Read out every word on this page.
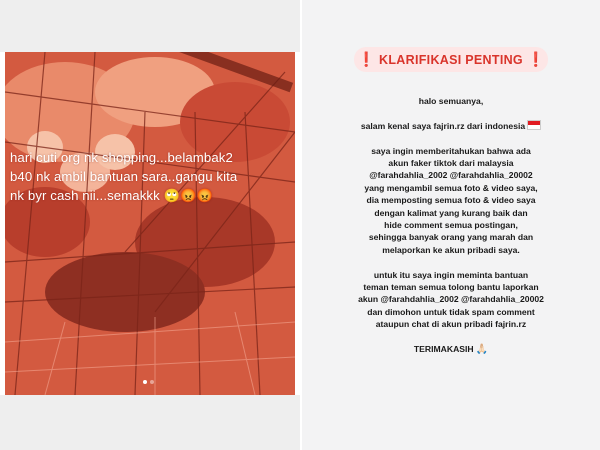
hari cuti org nk shopping...belambak2
b40 nk ambil bantuan sara..gangu kita
nk byr cash nii...semakkk 🙄😡😡
❗ KLARIFIKASI PENTING ❗

halo semuanya,

salam kenal saya fajrin.rz dari indonesia

saya ingin memberitahukan bahwa ada

akun faker tiktok dari malaysia

@farahdahlia_2002 @farahdahlia_20002

yang mengambil semua foto & video saya,

dia memposting semua foto & video saya

dengan kalimat yang kurang baik dan

hide comment semua postingan,

sehingga banyak orang yang marah dan

melaporkan ke akun pribadi saya.

untuk itu saya ingin meminta bantuan

teman teman semua tolong bantu laporkan

akun @farahdahlia_2002 @farahdahlia_20002

dan dimohon untuk tidak spam comment

ataupun chat di akun pribadi fajrin.rz

TERIMAKASIH 🙏🏻
